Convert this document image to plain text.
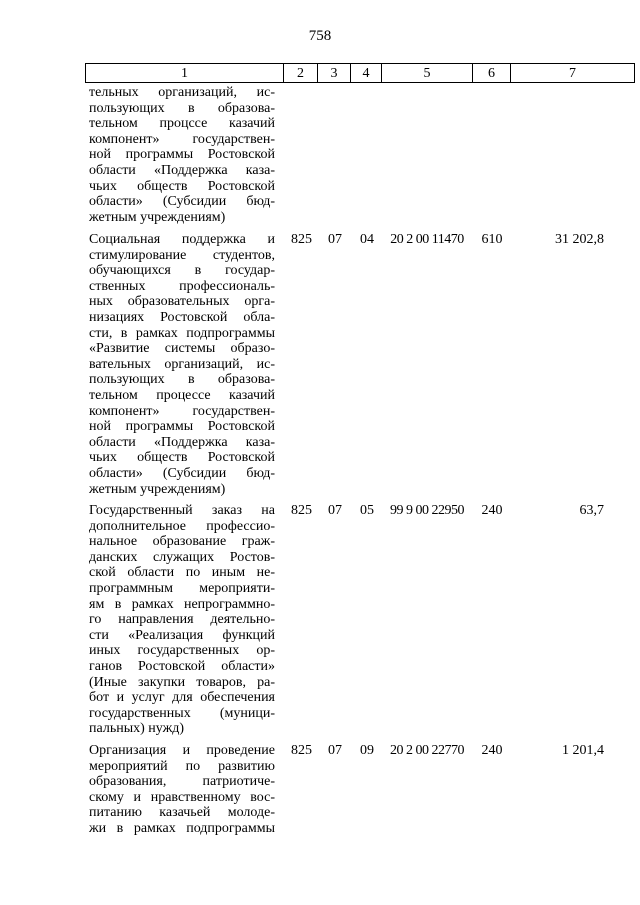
758
1	2	3	4	5	6	7
тельных организаций, ис-
пользующих в образова-
тельном процссе казачий
компонент» государствен-
ной программы Ростовской
области «Поддержка каза-
чьих обществ Ростовской
области» (Субсидии бюд-
жетным учреждениям)
Социальная поддержка и
стимулирование студентов,
обучающихся в государ-
ственных профессиональ-
ных образовательных орга-
низациях Ростовской обла-
сти, в рамках подпрограммы
«Развитие системы образо-
вательных организаций, ис-
пользующих в образова-
тельном процессе казачий
компонент» государствен-
ной программы Ростовской
области «Поддержка каза-
чьих обществ Ростовской
области» (Субсидии бюд-
жетным учреждениям)
825	07	04	20 2 00 11470	610	31 202,8
Государственный заказ на
дополнительное профессио-
нальное образование граж-
данских служащих Ростов-
ской области по иным не-
программным мероприяти-
ям в рамках непрограммно-
го направления деятельно-
сти «Реализация функций
иных государственных ор-
ганов Ростовской области»
(Иные закупки товаров, ра-
бот и услуг для обеспечения
государственных (муници-
пальных) нужд)
825	07	05	99 9 00 22950	240	63,7
Организация и проведение
мероприятий по развитию
образования, патриотиче-
скому и нравственному вос-
питанию казачьей молоде-
жи в рамках подпрограммы
825	07	09	20 2 00 22770	240	1 201,4
